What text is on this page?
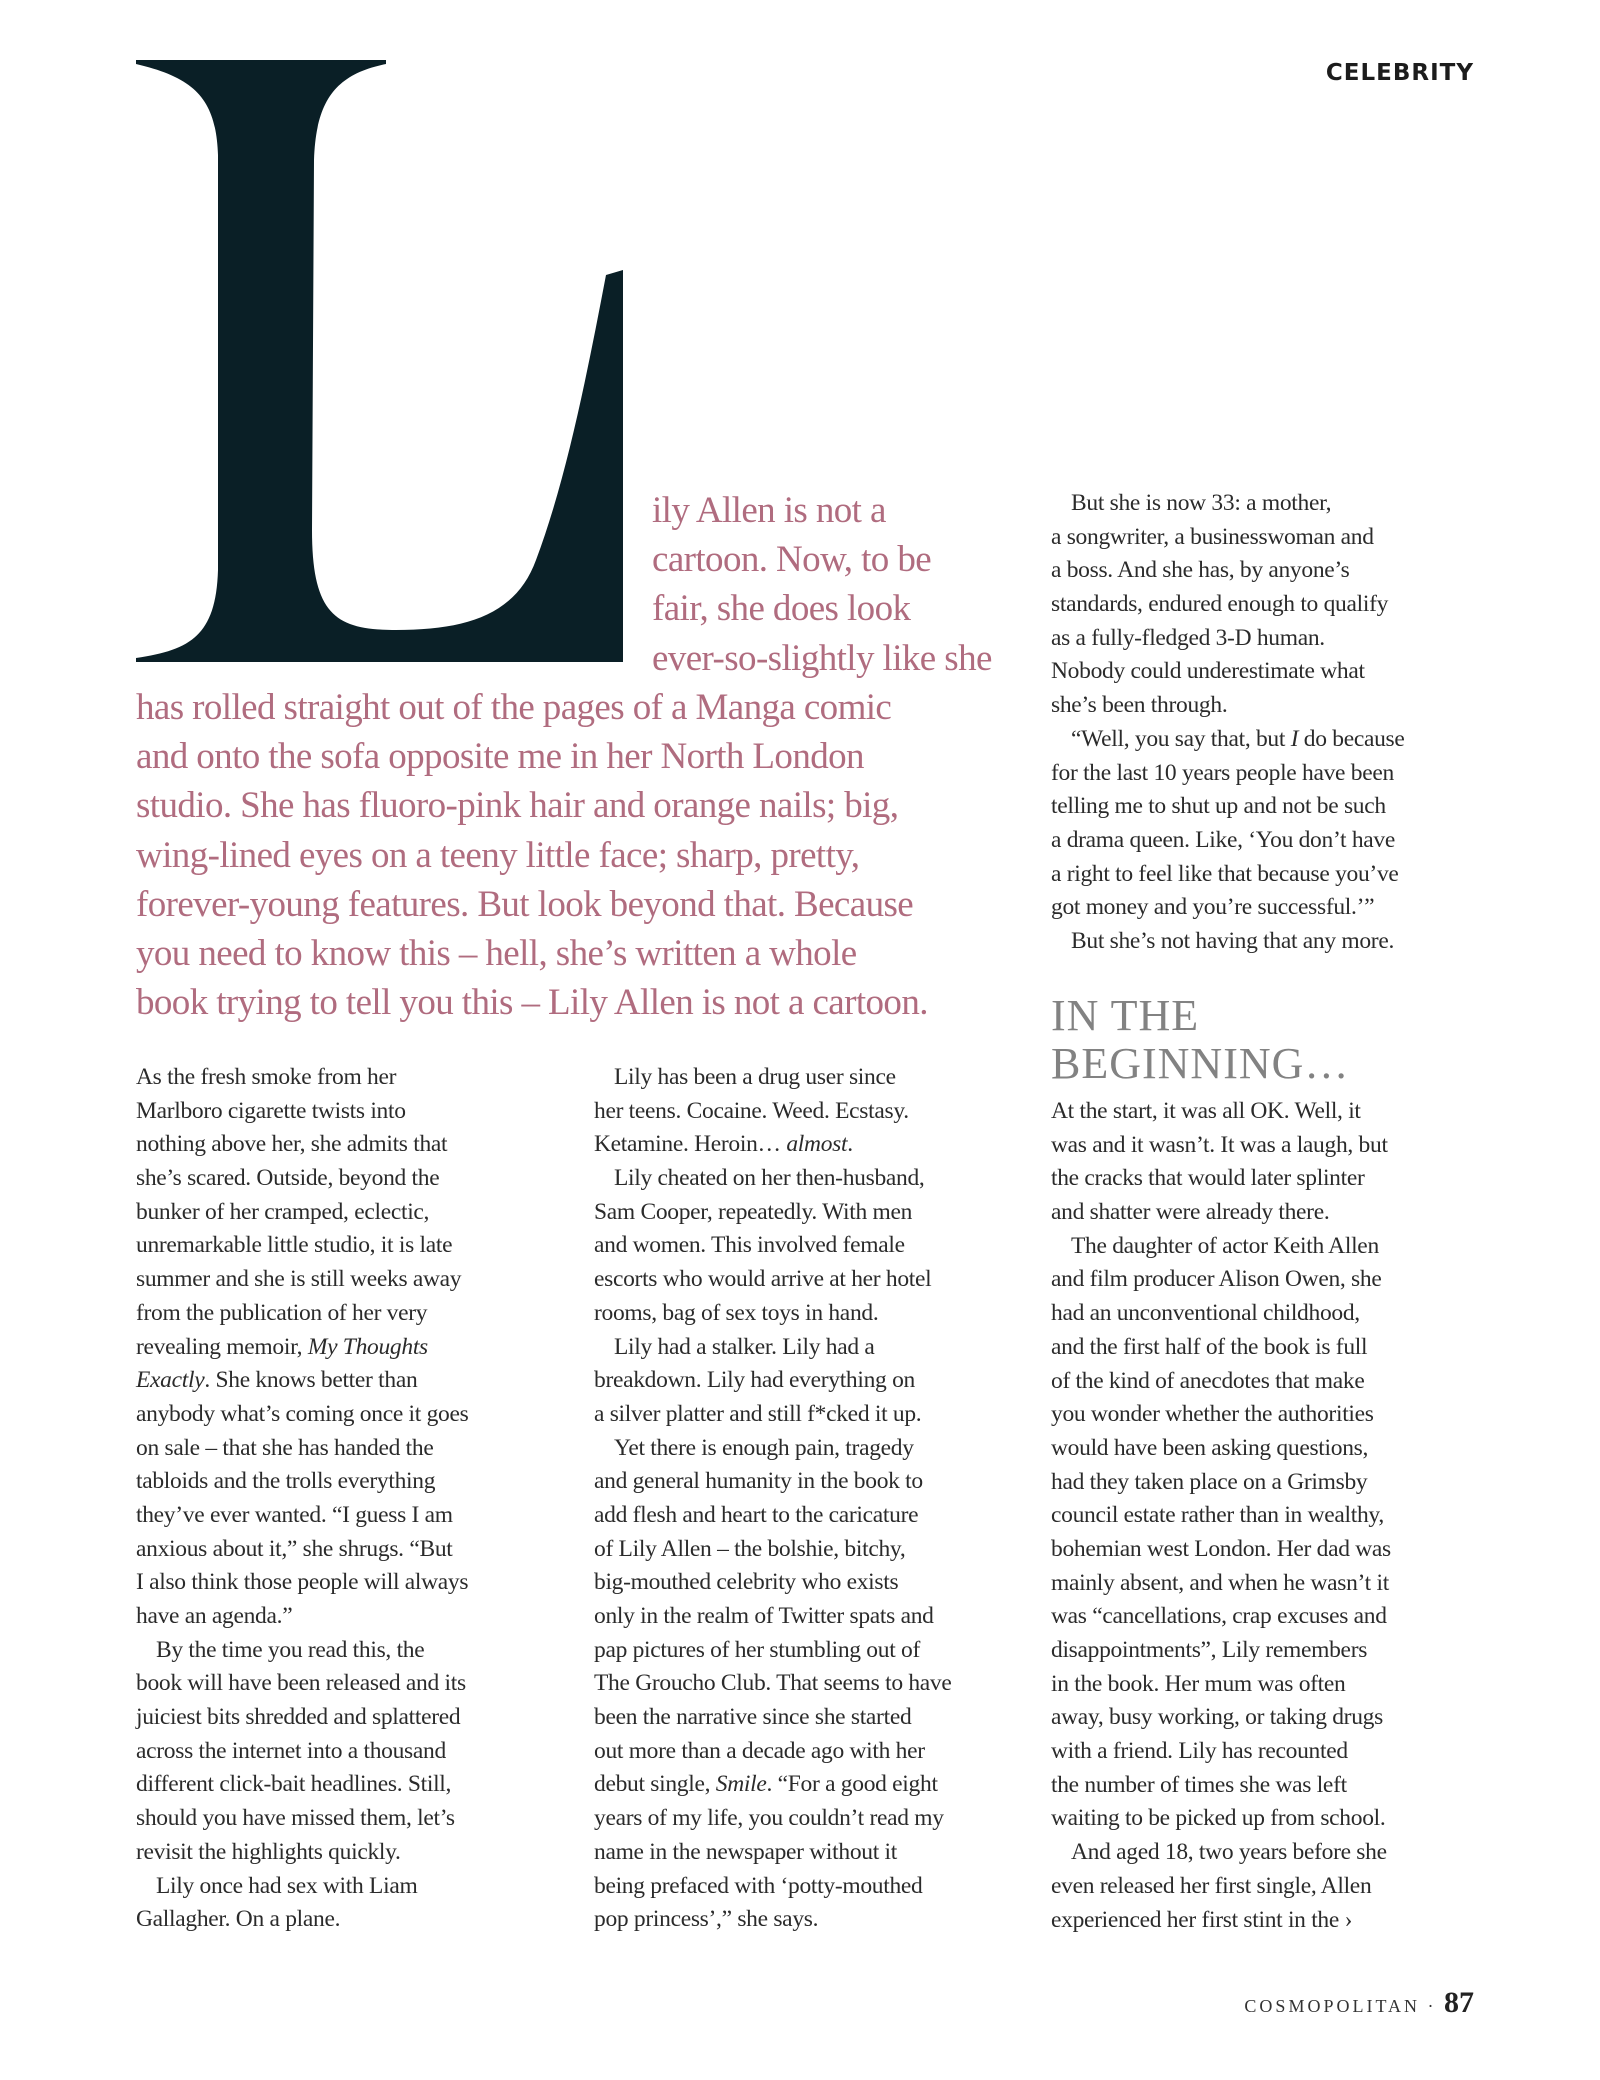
CELEBRITY
ily Allen is not a
cartoon. Now, to be
fair, she does look
ever-so-slightly like she
has rolled straight out of the pages of a Manga comic
and onto the sofa opposite me in her North London
studio. She has fluoro-pink hair and orange nails; big,
wing-lined eyes on a teeny little face; sharp, pretty,
forever-young features. But look beyond that. Because
you need to know this – hell, she’s written a whole
book trying to tell you this – Lily Allen is not a cartoon.
As the fresh smoke from her
Marlboro cigarette twists into
nothing above her, she admits that
she’s scared. Outside, beyond the
bunker of her cramped, eclectic,
unremarkable little studio, it is late
summer and she is still weeks away
from the publication of her very
revealing memoir, My Thoughts
Exactly. She knows better than
anybody what’s coming once it goes
on sale – that she has handed the
tabloids and the trolls everything
they’ve ever wanted. “I guess I am
anxious about it,” she shrugs. “But
I also think those people will always
have an agenda.”
By the time you read this, the
book will have been released and its
juiciest bits shredded and splattered
across the internet into a thousand
different click-bait headlines. Still,
should you have missed them, let’s
revisit the highlights quickly.
Lily once had sex with Liam
Gallagher. On a plane.
Lily has been a drug user since
her teens. Cocaine. Weed. Ecstasy.
Ketamine. Heroin… almost.
Lily cheated on her then-husband,
Sam Cooper, repeatedly. With men
and women. This involved female
escorts who would arrive at her hotel
rooms, bag of sex toys in hand.
Lily had a stalker. Lily had a
breakdown. Lily had everything on
a silver platter and still f*cked it up.
Yet there is enough pain, tragedy
and general humanity in the book to
add flesh and heart to the caricature
of Lily Allen – the bolshie, bitchy,
big-mouthed celebrity who exists
only in the realm of Twitter spats and
pap pictures of her stumbling out of
The Groucho Club. That seems to have
been the narrative since she started
out more than a decade ago with her
debut single, Smile. “For a good eight
years of my life, you couldn’t read my
name in the newspaper without it
being prefaced with ‘potty-mouthed
pop princess’,” she says.
But she is now 33: a mother,
a songwriter, a businesswoman and
a boss. And she has, by anyone’s
standards, endured enough to qualify
as a fully-fledged 3-D human.
Nobody could underestimate what
she’s been through.
“Well, you say that, but I do because
for the last 10 years people have been
telling me to shut up and not be such
a drama queen. Like, ‘You don’t have
a right to feel like that because you’ve
got money and you’re successful.’”
But she’s not having that any more.
IN THE
BEGINNING…
At the start, it was all OK. Well, it
was and it wasn’t. It was a laugh, but
the cracks that would later splinter
and shatter were already there.
The daughter of actor Keith Allen
and film producer Alison Owen, she
had an unconventional childhood,
and the first half of the book is full
of the kind of anecdotes that make
you wonder whether the authorities
would have been asking questions,
had they taken place on a Grimsby
council estate rather than in wealthy,
bohemian west London. Her dad was
mainly absent, and when he wasn’t it
was “cancellations, crap excuses and
disappointments”, Lily remembers
in the book. Her mum was often
away, busy working, or taking drugs
with a friend. Lily has recounted
the number of times she was left
waiting to be picked up from school.
And aged 18, two years before she
even released her first single, Allen
experienced her first stint in the ›
COSMOPOLITAN · 87
